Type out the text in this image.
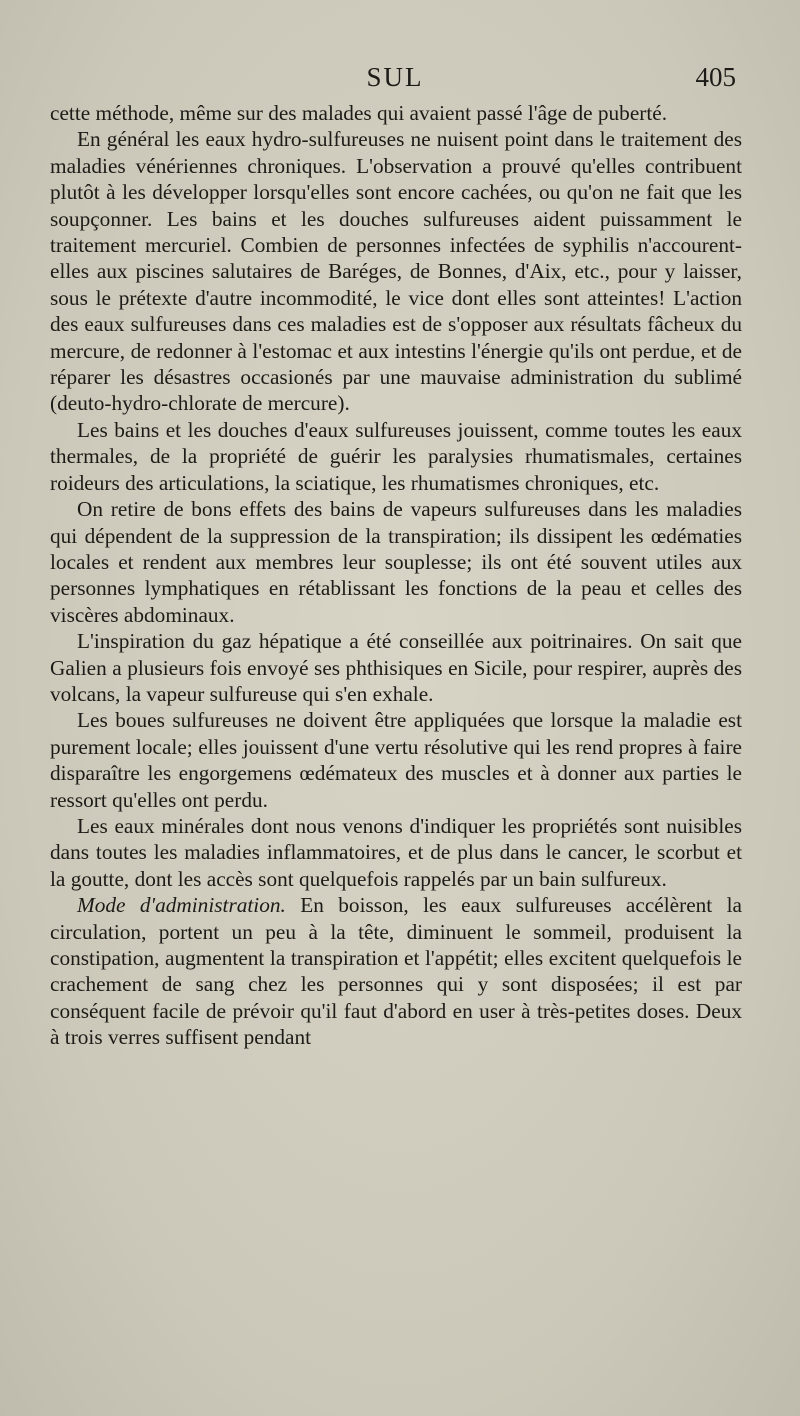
SUL	405

cette méthode, même sur des malades qui avaient passé l'âge de puberté.

En général les eaux hydro-sulfureuses ne nuisent point dans le traitement des maladies vénériennes chroniques. L'observation a prouvé qu'elles contribuent plutôt à les développer lorsqu'elles sont encore cachées, ou qu'on ne fait que les soupçonner. Les bains et les douches sulfureuses aident puissamment le traitement mercuriel. Combien de personnes infectées de syphilis n'accourent-elles aux piscines salutaires de Baréges, de Bonnes, d'Aix, etc., pour y laisser, sous le prétexte d'autre incommodité, le vice dont elles sont atteintes! L'action des eaux sulfureuses dans ces maladies est de s'opposer aux résultats fâcheux du mercure, de redonner à l'estomac et aux intestins l'énergie qu'ils ont perdue, et de réparer les désastres occasionés par une mauvaise administration du sublimé (deuto-hydro-chlorate de mercure).

Les bains et les douches d'eaux sulfureuses jouissent, comme toutes les eaux thermales, de la propriété de guérir les paralysies rhumatismales, certaines roideurs des articulations, la sciatique, les rhumatismes chroniques, etc.

On retire de bons effets des bains de vapeurs sulfureuses dans les maladies qui dépendent de la suppression de la transpiration; ils dissipent les œdématies locales et rendent aux membres leur souplesse; ils ont été souvent utiles aux personnes lymphatiques en rétablissant les fonctions de la peau et celles des viscères abdominaux.

L'inspiration du gaz hépatique a été conseillée aux poitrinaires. On sait que Galien a plusieurs fois envoyé ses phthisiques en Sicile, pour respirer, auprès des volcans, la vapeur sulfureuse qui s'en exhale.

Les boues sulfureuses ne doivent être appliquées que lorsque la maladie est purement locale; elles jouissent d'une vertu résolutive qui les rend propres à faire disparaître les engorgemens œdémateux des muscles et à donner aux parties le ressort qu'elles ont perdu.

Les eaux minérales dont nous venons d'indiquer les propriétés sont nuisibles dans toutes les maladies inflammatoires, et de plus dans le cancer, le scorbut et la goutte, dont les accès sont quelquefois rappelés par un bain sulfureux.

Mode d'administration. En boisson, les eaux sulfureuses accélèrent la circulation, portent un peu à la tête, diminuent le sommeil, produisent la constipation, augmentent la transpiration et l'appétit; elles excitent quelquefois le crachement de sang chez les personnes qui y sont disposées; il est par conséquent facile de prévoir qu'il faut d'abord en user à très-petites doses. Deux à trois verres suffisent pendant
